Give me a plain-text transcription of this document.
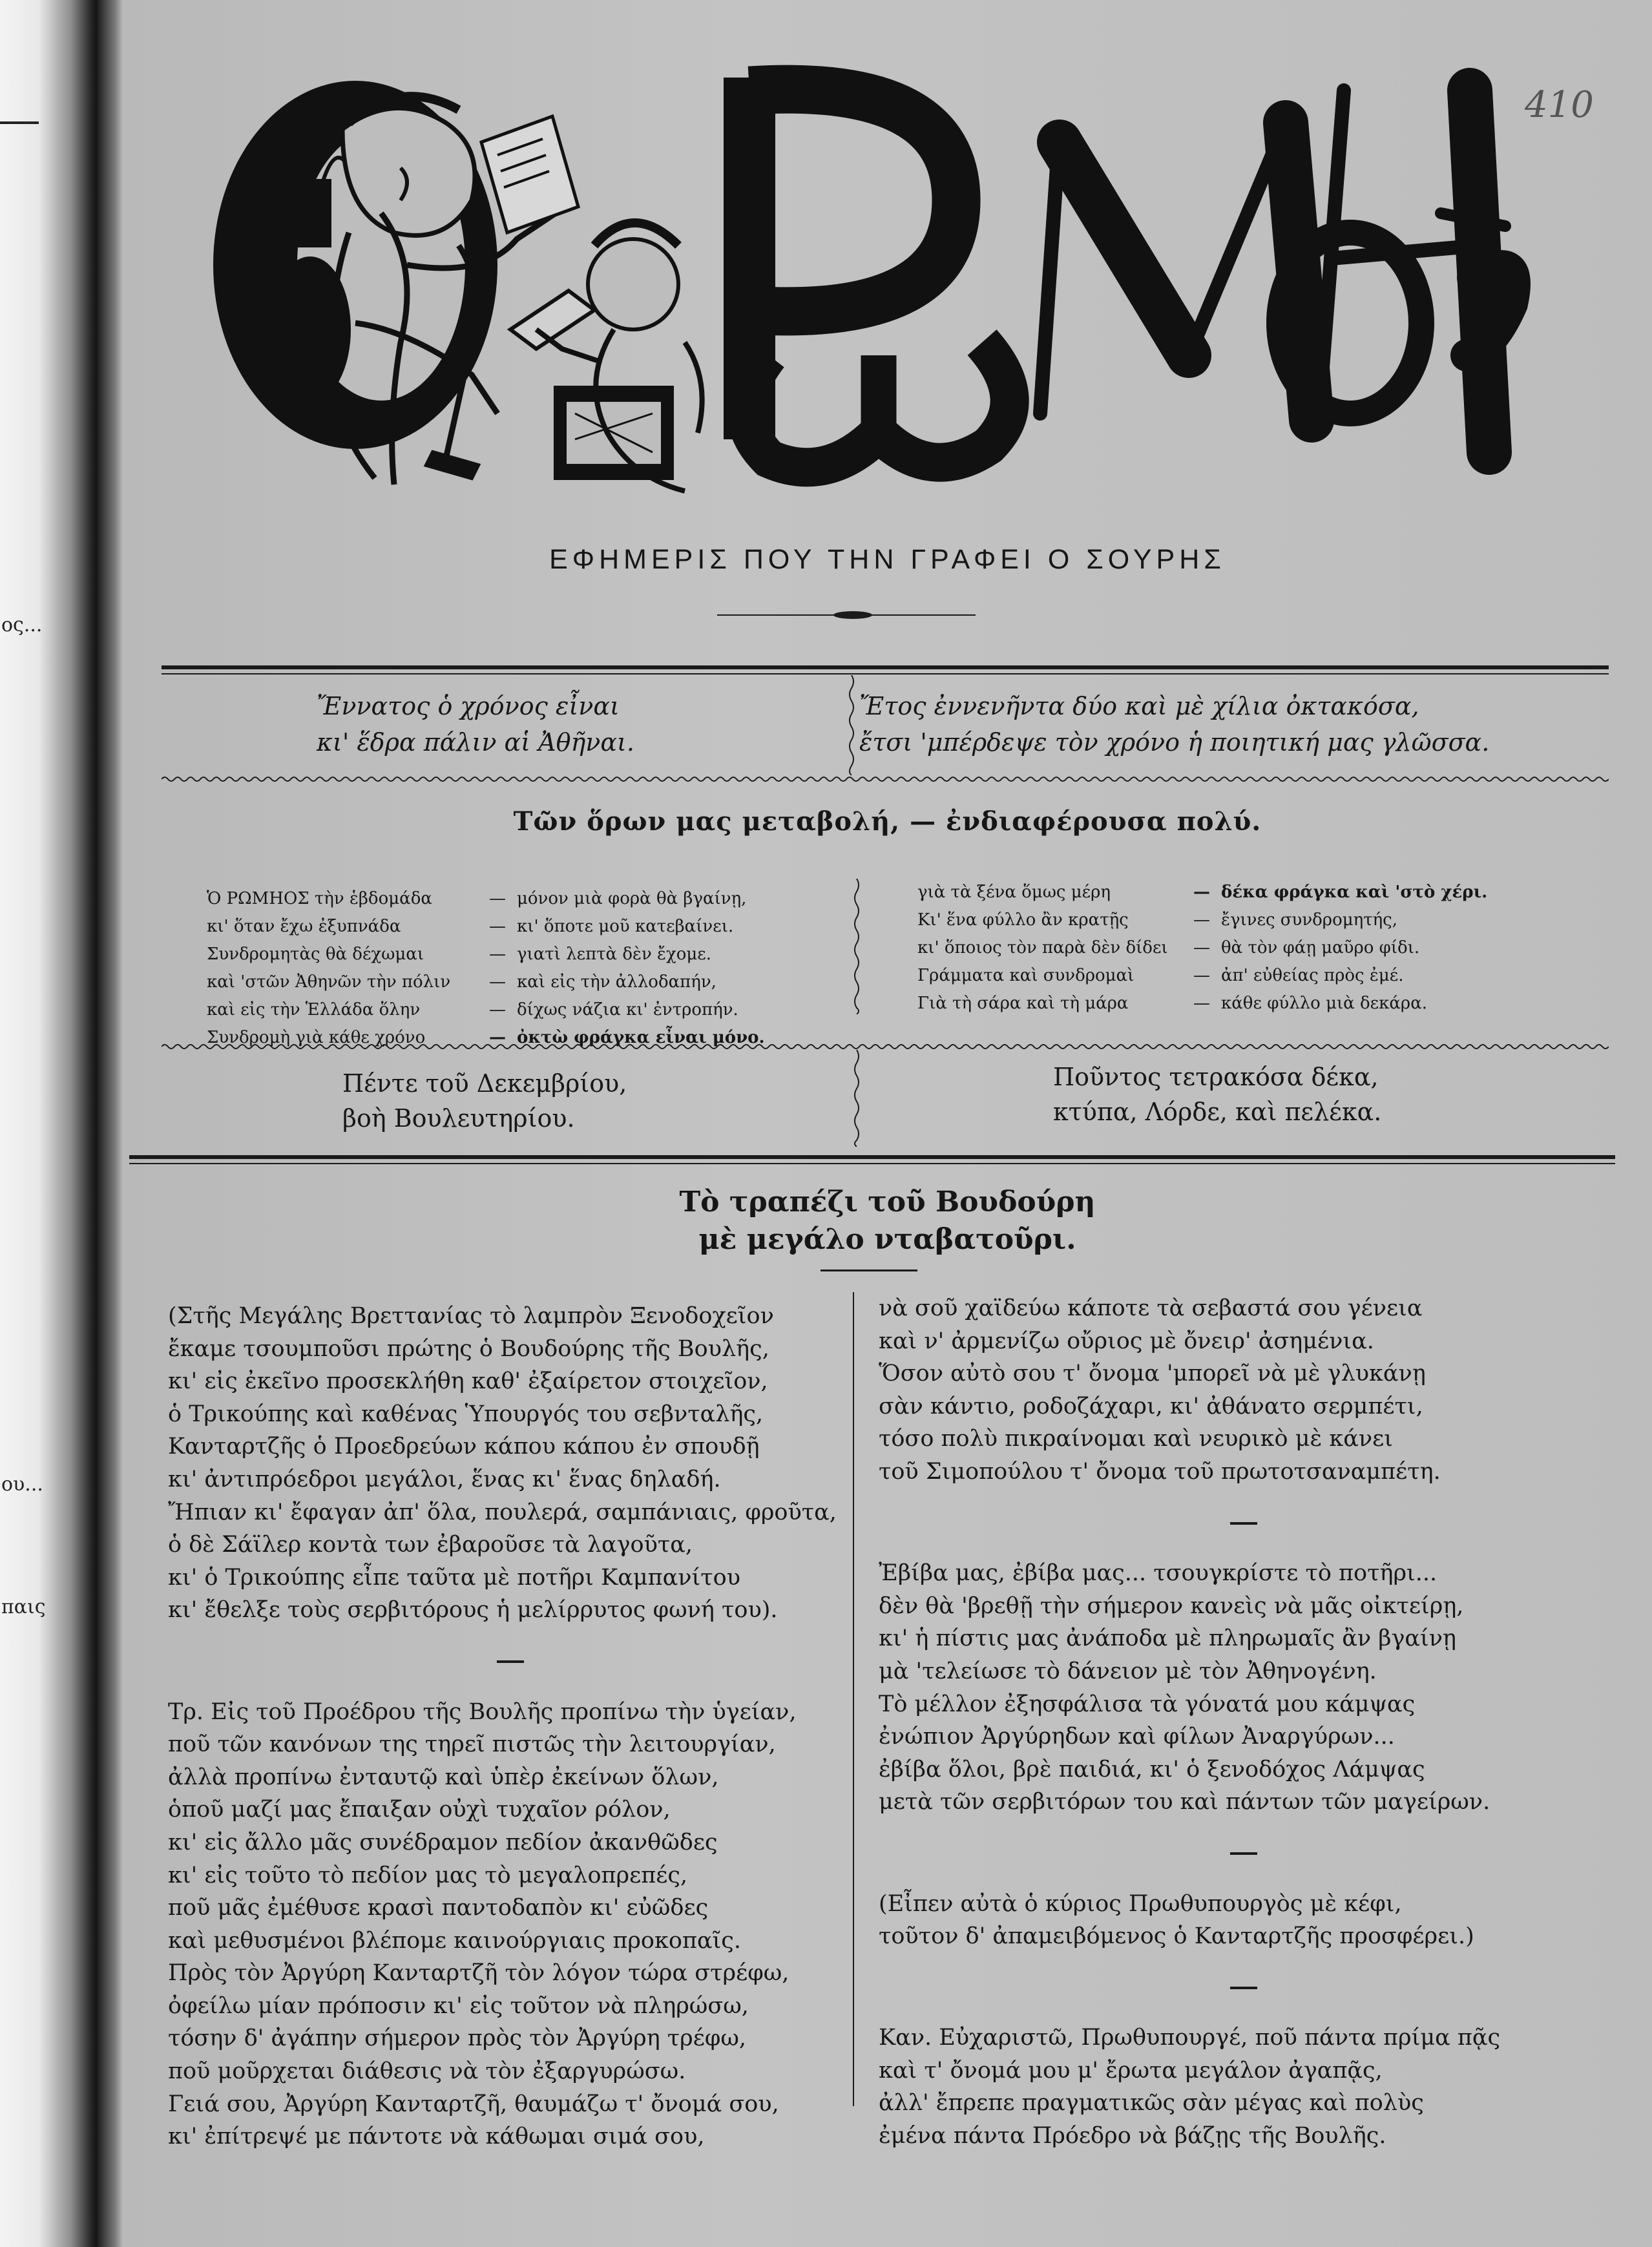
ος...
ου...
παις
410
ΕΦΗΜΕΡΙΣ ΠΟΥ ΤΗΝ ΓΡΑΦΕΙ Ο ΣΟΥΡΗΣ
Ἔννατος ὁ χρόνος εἶναι
κι' ἕδρα πάλιν αἱ Ἀθῆναι.
Ἔτος ἐννενῆντα δύο καὶ μὲ χίλια ὀκτακόσα,
ἔτσι 'μπέρδεψε τὸν χρόνο ἡ ποιητική μας γλῶσσα.
Τῶν ὅρων μας μεταβολή, — ἐνδιαφέρουσα πολύ.
Ὁ ΡΩΜΗΟΣ τὴν ἑβδομάδα	— μόνον μιὰ φορὰ θὰ βγαίνῃ,
κι' ὅταν ἔχω ἐξυπνάδα	— κι' ὅποτε μοῦ κατεβαίνει.
Συνδρομητὰς θὰ δέχωμαι	— γιατὶ λεπτὰ δὲν ἔχομε.
καὶ 'στῶν Ἀθηνῶν τὴν πόλιν	— καὶ εἰς τὴν ἀλλοδαπήν,
καὶ εἰς τὴν Ἑλλάδα ὅλην	— δίχως νάζια κι' ἐντροπήν.
Συνδρομὴ γιὰ κάθε χρόνο	— ὀκτὼ φράγκα εἶναι μόνο.
γιὰ τὰ ξένα ὅμως μέρη	— δέκα φράγκα καὶ 'στὸ χέρι.
Κι' ἕνα φύλλο ἂν κρατῇς	— ἔγινες συνδρομητής,
κι' ὅποιος τὸν παρὰ δὲν δίδει	— θὰ τὸν φάῃ μαῦρο φίδι.
Γράμματα καὶ συνδρομαὶ	— ἀπ' εὐθείας πρὸς ἐμέ.
Γιὰ τὴ σάρα καὶ τὴ μάρα	— κάθε φύλλο μιὰ δεκάρα.
Πέντε τοῦ Δεκεμβρίου,
βοὴ Βουλευτηρίου.
Ποῦντος τετρακόσα δέκα,
κτύπα, Λόρδε, καὶ πελέκα.
Τὸ τραπέζι τοῦ Βουδούρη
μὲ μεγάλο νταβατοῦρι.
(Στῆς Μεγάλης Βρεττανίας τὸ λαμπρὸν Ξενοδοχεῖον
ἔκαμε τσουμποῦσι πρώτης ὁ Βουδούρης τῆς Βουλῆς,
κι' εἰς ἐκεῖνο προσεκλήθη καθ' ἐξαίρετον στοιχεῖον,
ὁ Τρικούπης καὶ καθένας Ὑπουργός του σεβνταλῆς,
Κανταρτζῆς ὁ Προεδρεύων κάπου κάπου ἐν σπουδῇ
κι' ἀντιπρόεδροι μεγάλοι, ἕνας κι' ἕνας δηλαδή.
Ἤπιαν κι' ἔφαγαν ἀπ' ὅλα, πουλερά, σαμπάνιαις, φροῦτα,
ὁ δὲ Σάϊλερ κοντὰ των ἐβαροῦσε τὰ λαγοῦτα,
κι' ὁ Τρικούπης εἶπε ταῦτα μὲ ποτῆρι Καμπανίτου
κι' ἔθελξε τοὺς σερβιτόρους ἡ μελίρρυτος φωνή του).
Τρ. Εἰς τοῦ Προέδρου τῆς Βουλῆς προπίνω τὴν ὑγείαν,
ποῦ τῶν κανόνων της τηρεῖ πιστῶς τὴν λειτουργίαν,
ἀλλὰ προπίνω ἐνταυτῷ καὶ ὑπὲρ ἐκείνων ὅλων,
ὁποῦ μαζί μας ἔπαιξαν οὐχὶ τυχαῖον ρόλον,
κι' εἰς ἄλλο μᾶς συνέδραμον πεδίον ἀκανθῶδες
κι' εἰς τοῦτο τὸ πεδίον μας τὸ μεγαλοπρεπές,
ποῦ μᾶς ἐμέθυσε κρασὶ παντοδαπὸν κι' εὐῶδες
καὶ μεθυσμένοι βλέπομε καινούργιαις προκοπαῖς.
Πρὸς τὸν Ἀργύρη Κανταρτζῆ τὸν λόγον τώρα στρέφω,
ὀφείλω μίαν πρόποσιν κι' εἰς τοῦτον νὰ πληρώσω,
τόσην δ' ἀγάπην σήμερον πρὸς τὸν Ἀργύρη τρέφω,
ποῦ μοῦρχεται διάθεσις νὰ τὸν ἐξαργυρώσω.
Γειά σου, Ἀργύρη Κανταρτζῆ, θαυμάζω τ' ὄνομά σου,
κι' ἐπίτρεψέ με πάντοτε νὰ κάθωμαι σιμά σου,
νὰ σοῦ χαϊδεύω κάποτε τὰ σεβαστά σου γένεια
καὶ ν' ἀρμενίζω οὔριος μὲ ὄνειρ' ἀσημένια.
Ὅσον αὐτὸ σου τ' ὄνομα 'μπορεῖ νὰ μὲ γλυκάνῃ
σὰν κάντιο, ροδοζάχαρι, κι' ἀθάνατο σερμπέτι,
τόσο πολὺ πικραίνομαι καὶ νευρικὸ μὲ κάνει
τοῦ Σιμοπούλου τ' ὄνομα τοῦ πρωτοτσαναμπέτη.
Ἐβίβα μας, ἐβίβα μας... τσουγκρίστε τὸ ποτῆρι...
δὲν θὰ 'βρεθῇ τὴν σήμερον κανεὶς νὰ μᾶς οἰκτείρῃ,
κι' ἡ πίστις μας ἀνάποδα μὲ πληρωμαῖς ἂν βγαίνῃ
μὰ 'τελείωσε τὸ δάνειον μὲ τὸν Ἀθηνογένη.
Τὸ μέλλον ἐξησφάλισα τὰ γόνατά μου κάμψας
ἐνώπιον Ἀργύρηδων καὶ φίλων Ἀναργύρων...
ἐβίβα ὅλοι, βρὲ παιδιά, κι' ὁ ξενοδόχος Λάμψας
μετὰ τῶν σερβιτόρων του καὶ πάντων τῶν μαγείρων.
(Εἶπεν αὐτὰ ὁ κύριος Πρωθυπουργὸς μὲ κέφι,
τοῦτον δ' ἀπαμειβόμενος ὁ Κανταρτζῆς προσφέρει.)
Καν. Εὐχαριστῶ, Πρωθυπουργέ, ποῦ πάντα πρίμα πᾷς
καὶ τ' ὄνομά μου μ' ἔρωτα μεγάλον ἀγαπᾷς,
ἀλλ' ἔπρεπε πραγματικῶς σὰν μέγας καὶ πολὺς
ἐμένα πάντα Πρόεδρο νὰ βάζῃς τῆς Βουλῆς.
